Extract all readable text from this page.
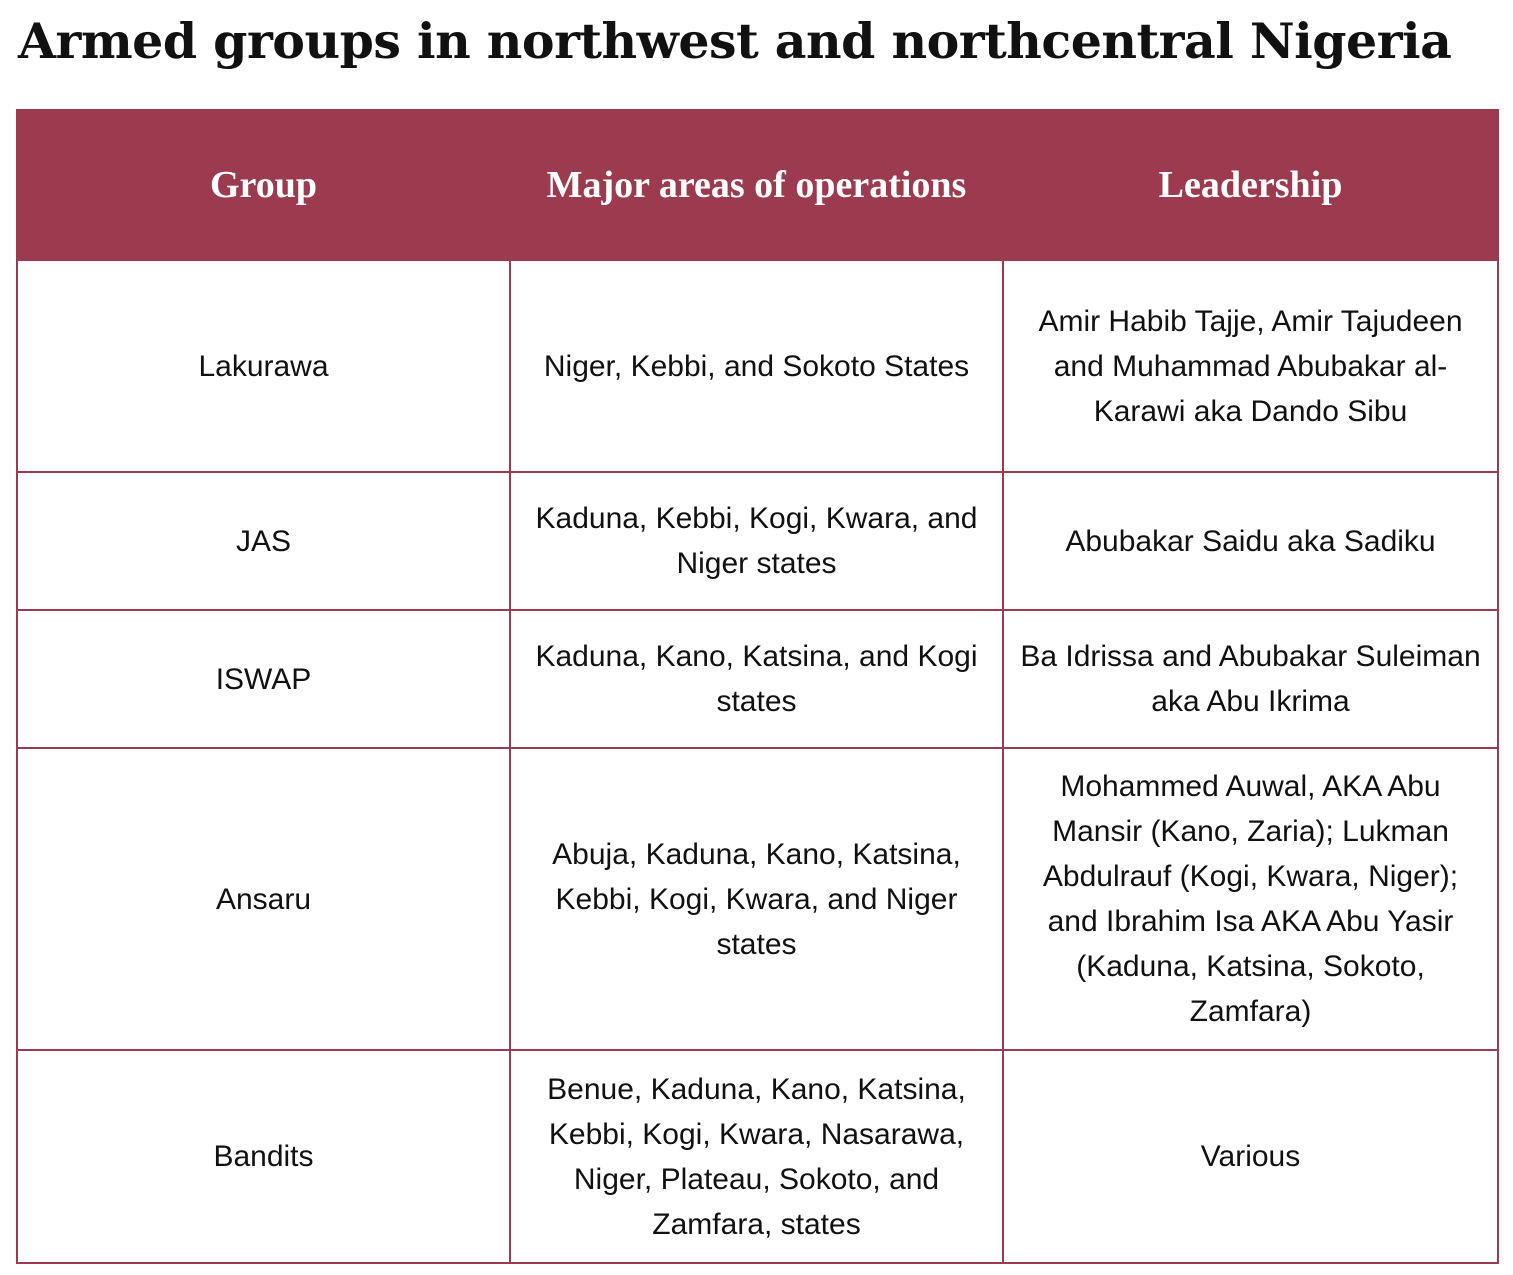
Armed groups in northwest and northcentral Nigeria
Group	Major areas of operations	Leadership
Lakurawa	Niger, Kebbi, and Sokoto States	Amir Habib Tajje, Amir Tajudeen and Muhammad Abubakar al-Karawi aka Dando Sibu
JAS	Kaduna, Kebbi, Kogi, Kwara, and Niger states	Abubakar Saidu aka Sadiku
ISWAP	Kaduna, Kano, Katsina, and Kogi states	Ba Idrissa and Abubakar Suleiman aka Abu Ikrima
Ansaru	Abuja, Kaduna, Kano, Katsina, Kebbi, Kogi, Kwara, and Niger states	Mohammed Auwal, AKA Abu Mansir (Kano, Zaria); Lukman Abdulrauf (Kogi, Kwara, Niger); and Ibrahim Isa AKA Abu Yasir (Kaduna, Katsina, Sokoto, Zamfara)
Bandits	Benue, Kaduna, Kano, Katsina, Kebbi, Kogi, Kwara, Nasarawa, Niger, Plateau, Sokoto, and Zamfara, states	Various
